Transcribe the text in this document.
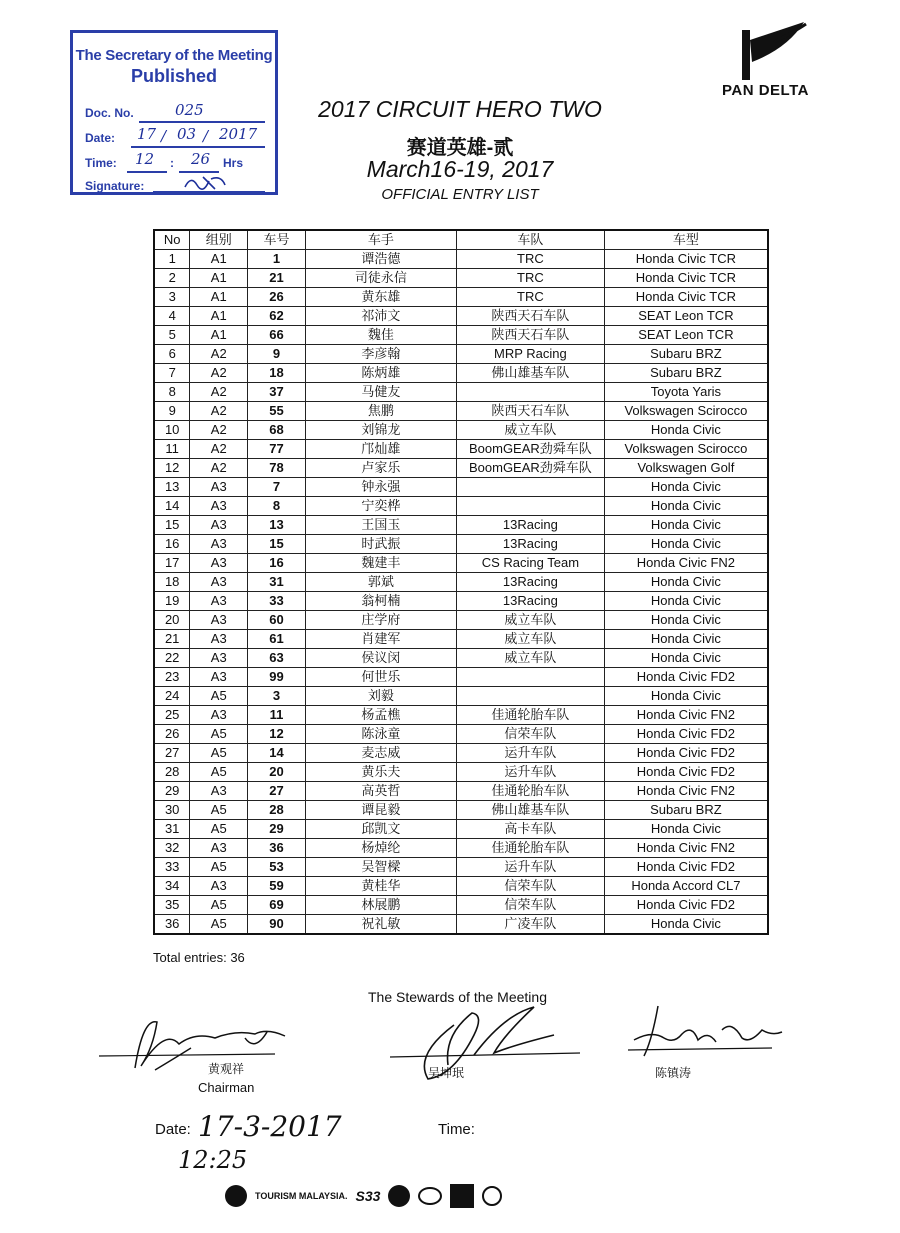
The Secretary of the Meeting
Published
Doc. No.	025
Date: 17 / 03 / 2017
Time: 12 : 26 Hrs
Signature:
PAN DELTA
2017 CIRCUIT HERO TWO
赛道英雄-贰
March16-19, 2017
OFFICIAL ENTRY LIST
No	组别	车号	车手	车队	车型
1	A1	1	谭浩德	TRC	Honda Civic TCR
2	A1	21	司徒永信	TRC	Honda Civic TCR
3	A1	26	黄东雄	TRC	Honda Civic TCR
4	A1	62	祁沛文	陕西天石车队	SEAT Leon TCR
5	A1	66	魏佳	陕西天石车队	SEAT Leon TCR
6	A2	9	李彦翰	MRP Racing	Subaru BRZ
7	A2	18	陈炳雄	佛山雄基车队	Subaru BRZ
8	A2	37	马健友		Toyota Yaris
9	A2	55	焦鹏	陕西天石车队	Volkswagen Scirocco
10	A2	68	刘锦龙	威立车队	Honda Civic
11	A2	77	邝灿雄	BoomGEAR劲舜车队	Volkswagen Scirocco
12	A2	78	卢家乐	BoomGEAR劲舜车队	Volkswagen Golf
13	A3	7	钟永强		Honda Civic
14	A3	8	宁奕桦		Honda Civic
15	A3	13	王国玉	13Racing	Honda Civic
16	A3	15	时武振	13Racing	Honda Civic
17	A3	16	魏建丰	CS Racing Team	Honda Civic FN2
18	A3	31	郭斌	13Racing	Honda Civic
19	A3	33	翁柯楠	13Racing	Honda Civic
20	A3	60	庄学府	威立车队	Honda Civic
21	A3	61	肖建军	威立车队	Honda Civic
22	A3	63	侯议闵	威立车队	Honda Civic
23	A3	99	何世乐		Honda Civic FD2
24	A5	3	刘毅		Honda Civic
25	A3	11	杨孟樵	佳通轮胎车队	Honda Civic FN2
26	A5	12	陈泳童	信荣车队	Honda Civic FD2
27	A5	14	麦志威	运升车队	Honda Civic FD2
28	A5	20	黄乐夫	运升车队	Honda Civic FD2
29	A3	27	高英哲	佳通轮胎车队	Honda Civic FN2
30	A5	28	谭昆毅	佛山雄基车队	Subaru BRZ
31	A5	29	邱凯文	高卡车队	Honda Civic
32	A3	36	杨焯纶	佳通轮胎车队	Honda Civic FN2
33	A5	53	吴智樑	运升车队	Honda Civic FD2
34	A3	59	黄桂华	信荣车队	Honda Accord CL7
35	A5	69	林展鹏	信荣车队	Honda Civic FD2
36	A5	90	祝礼敏	广凌车队	Honda Civic
Total entries: 36
The Stewards of the Meeting
黄观祥
Chairman
吴坤珉	陈镇涛
Date: 17-3-2017	Time:
12:25
TOURISM MALAYSIA. S33
